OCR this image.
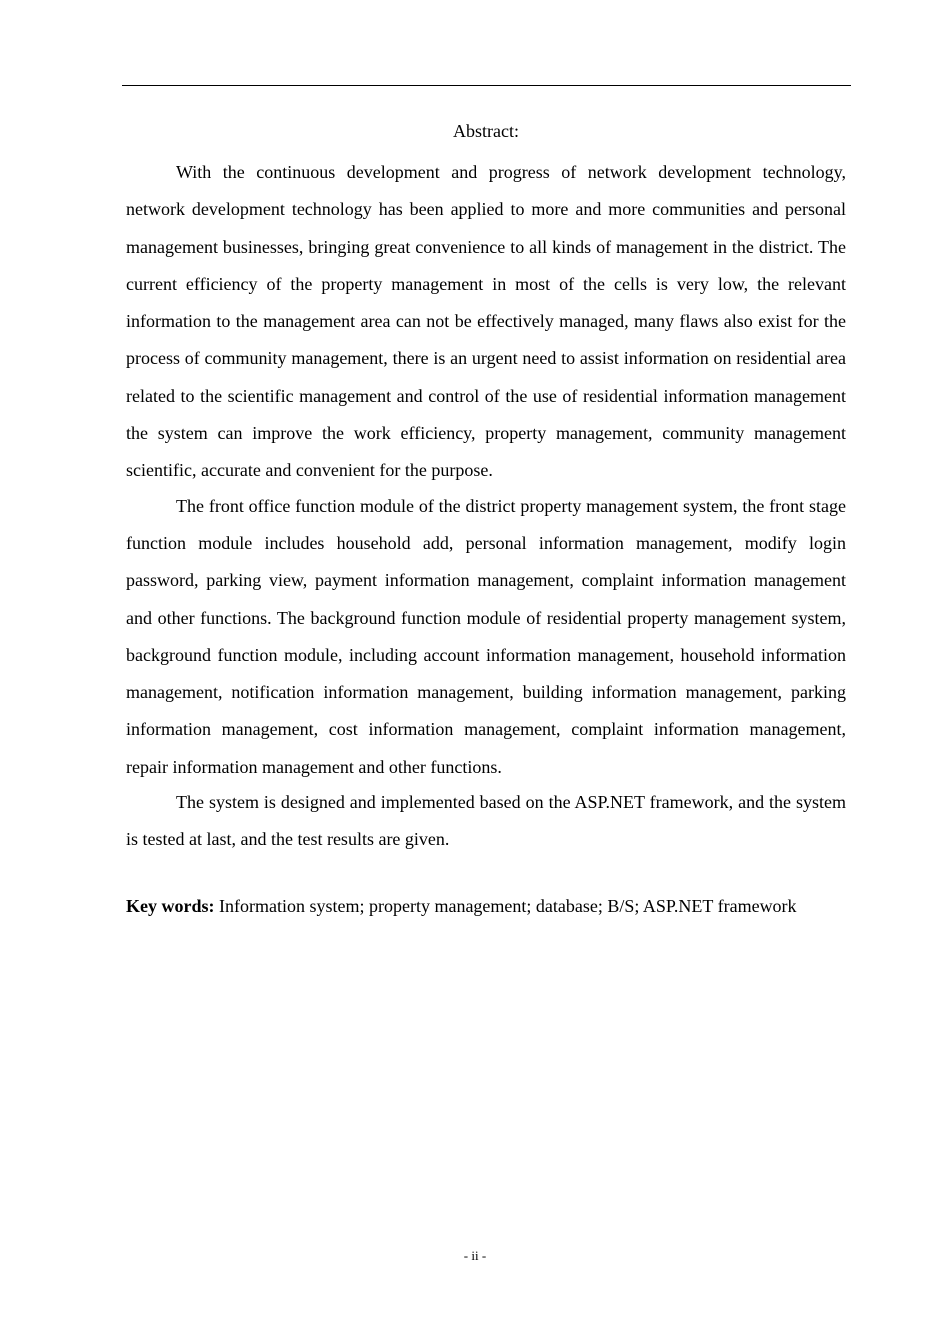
Abstract:

With the continuous development and progress of network development technology, network development technology has been applied to more and more communities and personal management businesses, bringing great convenience to all kinds of management in the district. The current efficiency of the property management in most of the cells is very low, the relevant information to the management area can not be effectively managed, many flaws also exist for the process of community management, there is an urgent need to assist information on residential area related to the scientific management and control of the use of residential information management the system can improve the work efficiency, property management, community management scientific, accurate and convenient for the purpose.

The front office function module of the district property management system, the front stage function module includes household add, personal information management, modify login password, parking view, payment information management, complaint information management and other functions. The background function module of residential property management system, background function module, including account information management, household information management, notification information management, building information management, parking information management, cost information management, complaint information management, repair information management and other functions.

The system is designed and implemented based on the ASP.NET framework, and the system is tested at last, and the test results are given.

Key words: Information system; property management; database; B/S; ASP.NET framework
- ii -
